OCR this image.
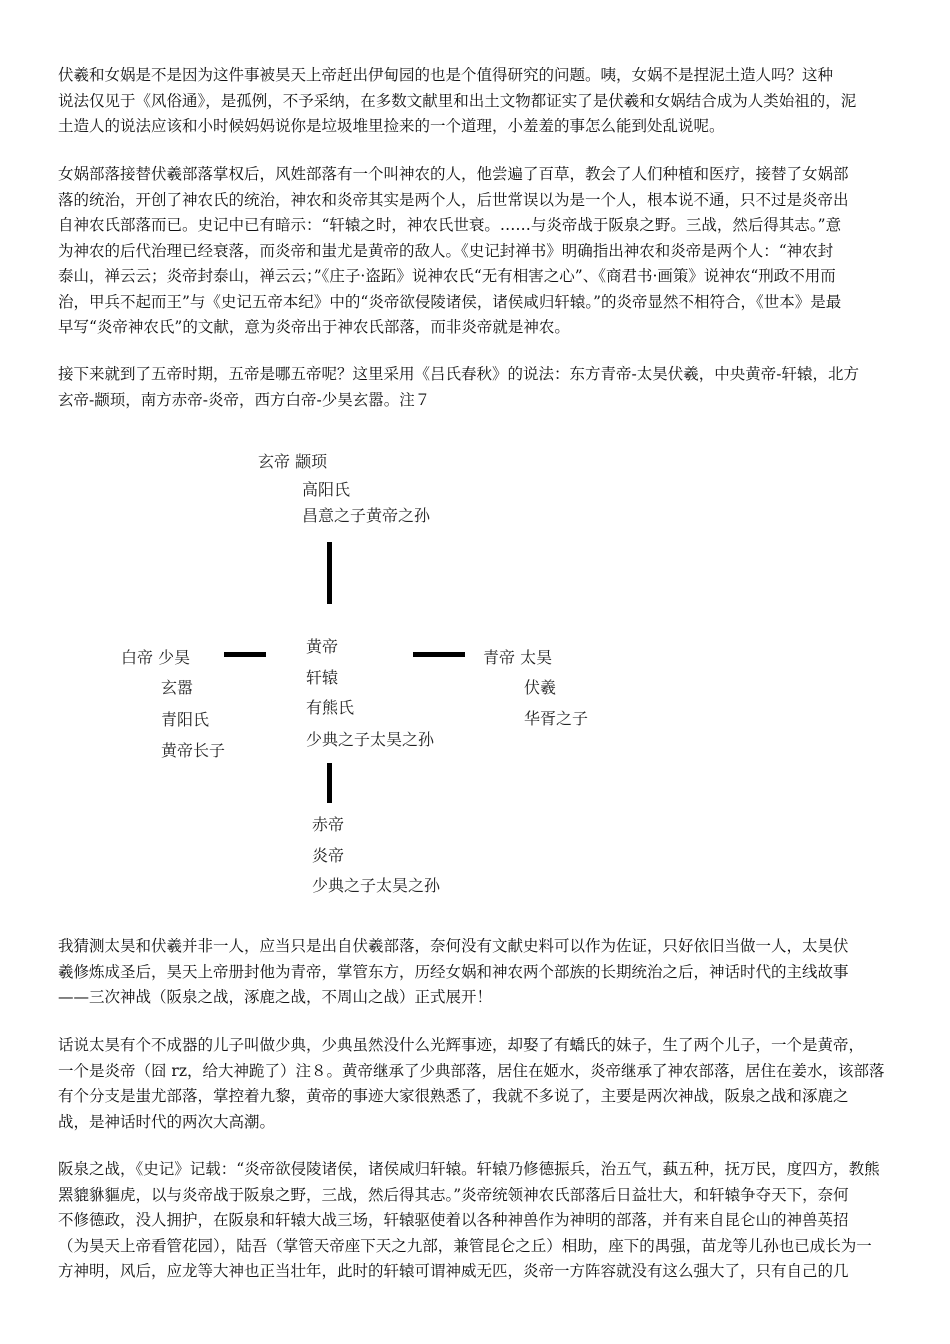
伏羲和女娲是不是因为这件事被昊天上帝赶出伊甸园的也是个值得研究的问题。咦，女娲不是捏泥土造人吗？这种
说法仅见于《风俗通》，是孤例，不予采纳，在多数文献里和出土文物都证实了是伏羲和女娲结合成为人类始祖的，泥
土造人的说法应该和小时候妈妈说你是垃圾堆里捡来的一个道理，小羞羞的事怎么能到处乱说呢。
女娲部落接替伏羲部落掌权后，风姓部落有一个叫神农的人，他尝遍了百草，教会了人们种植和医疗，接替了女娲部
落的统治，开创了神农氏的统治，神农和炎帝其实是两个人，后世常误以为是一个人，根本说不通，只不过是炎帝出
自神农氏部落而已。史记中已有暗示：“轩辕之时，神农氏世衰。……与炎帝战于阪泉之野。三战，然后得其志。”意
为神农的后代治理已经衰落，而炎帝和蚩尤是黄帝的敌人。《史记封禅书》明确指出神农和炎帝是两个人：“神农封
泰山，禅云云；炎帝封泰山，禅云云；”《庄子·盗跖》说神农氏“无有相害之心”、《商君书·画策》说神农“刑政不用而
治，甲兵不起而王”与《史记五帝本纪》中的“炎帝欲侵陵诸侯，诸侯咸归轩辕。”的炎帝显然不相符合，《世本》是最
早写“炎帝神农氏”的文献，意为炎帝出于神农氏部落，而非炎帝就是神农。
接下来就到了五帝时期，五帝是哪五帝呢？这里采用《吕氏春秋》的说法：东方青帝-太昊伏羲，中央黄帝-轩辕，北方
玄帝-颛顼，南方赤帝-炎帝，西方白帝-少昊玄嚣。注７
玄帝 颛顼
高阳氏
昌意之子黄帝之孙
白帝 少昊
玄嚣
青阳氏
黄帝长子
黄帝
轩辕
有熊氏
少典之子太昊之孙
青帝 太昊
伏羲
华胥之子
赤帝
炎帝
少典之子太昊之孙
我猜测太昊和伏羲并非一人，应当只是出自伏羲部落，奈何没有文献史料可以作为佐证，只好依旧当做一人，太昊伏
羲修炼成圣后，昊天上帝册封他为青帝，掌管东方，历经女娲和神农两个部族的长期统治之后，神话时代的主线故事
——三次神战（阪泉之战，涿鹿之战，不周山之战）正式展开！
话说太昊有个不成器的儿子叫做少典，少典虽然没什么光辉事迹，却娶了有蟜氏的妹子，生了两个儿子，一个是黄帝，
一个是炎帝（囧 rz，给大神跪了）注８。黄帝继承了少典部落，居住在姬水，炎帝继承了神农部落，居住在姜水，该部落
有个分支是蚩尤部落，掌控着九黎，黄帝的事迹大家很熟悉了，我就不多说了，主要是两次神战，阪泉之战和涿鹿之
战，是神话时代的两次大高潮。
阪泉之战，《史记》记载：“炎帝欲侵陵诸侯，诸侯咸归轩辕。轩辕乃修德振兵，治五气，蓺五种，抚万民，度四方，教熊
罴貔貅貙虎，以与炎帝战于阪泉之野，三战，然后得其志。”炎帝统领神农氏部落后日益壮大，和轩辕争夺天下，奈何
不修德政，没人拥护，在阪泉和轩辕大战三场，轩辕驱使着以各种神兽作为神明的部落，并有来自昆仑山的神兽英招
（为昊天上帝看管花园），陆吾（掌管天帝座下天之九部，兼管昆仑之丘）相助，座下的禺强，苗龙等儿孙也已成长为一
方神明，风后，应龙等大神也正当壮年，此时的轩辕可谓神威无匹，炎帝一方阵容就没有这么强大了，只有自己的几
